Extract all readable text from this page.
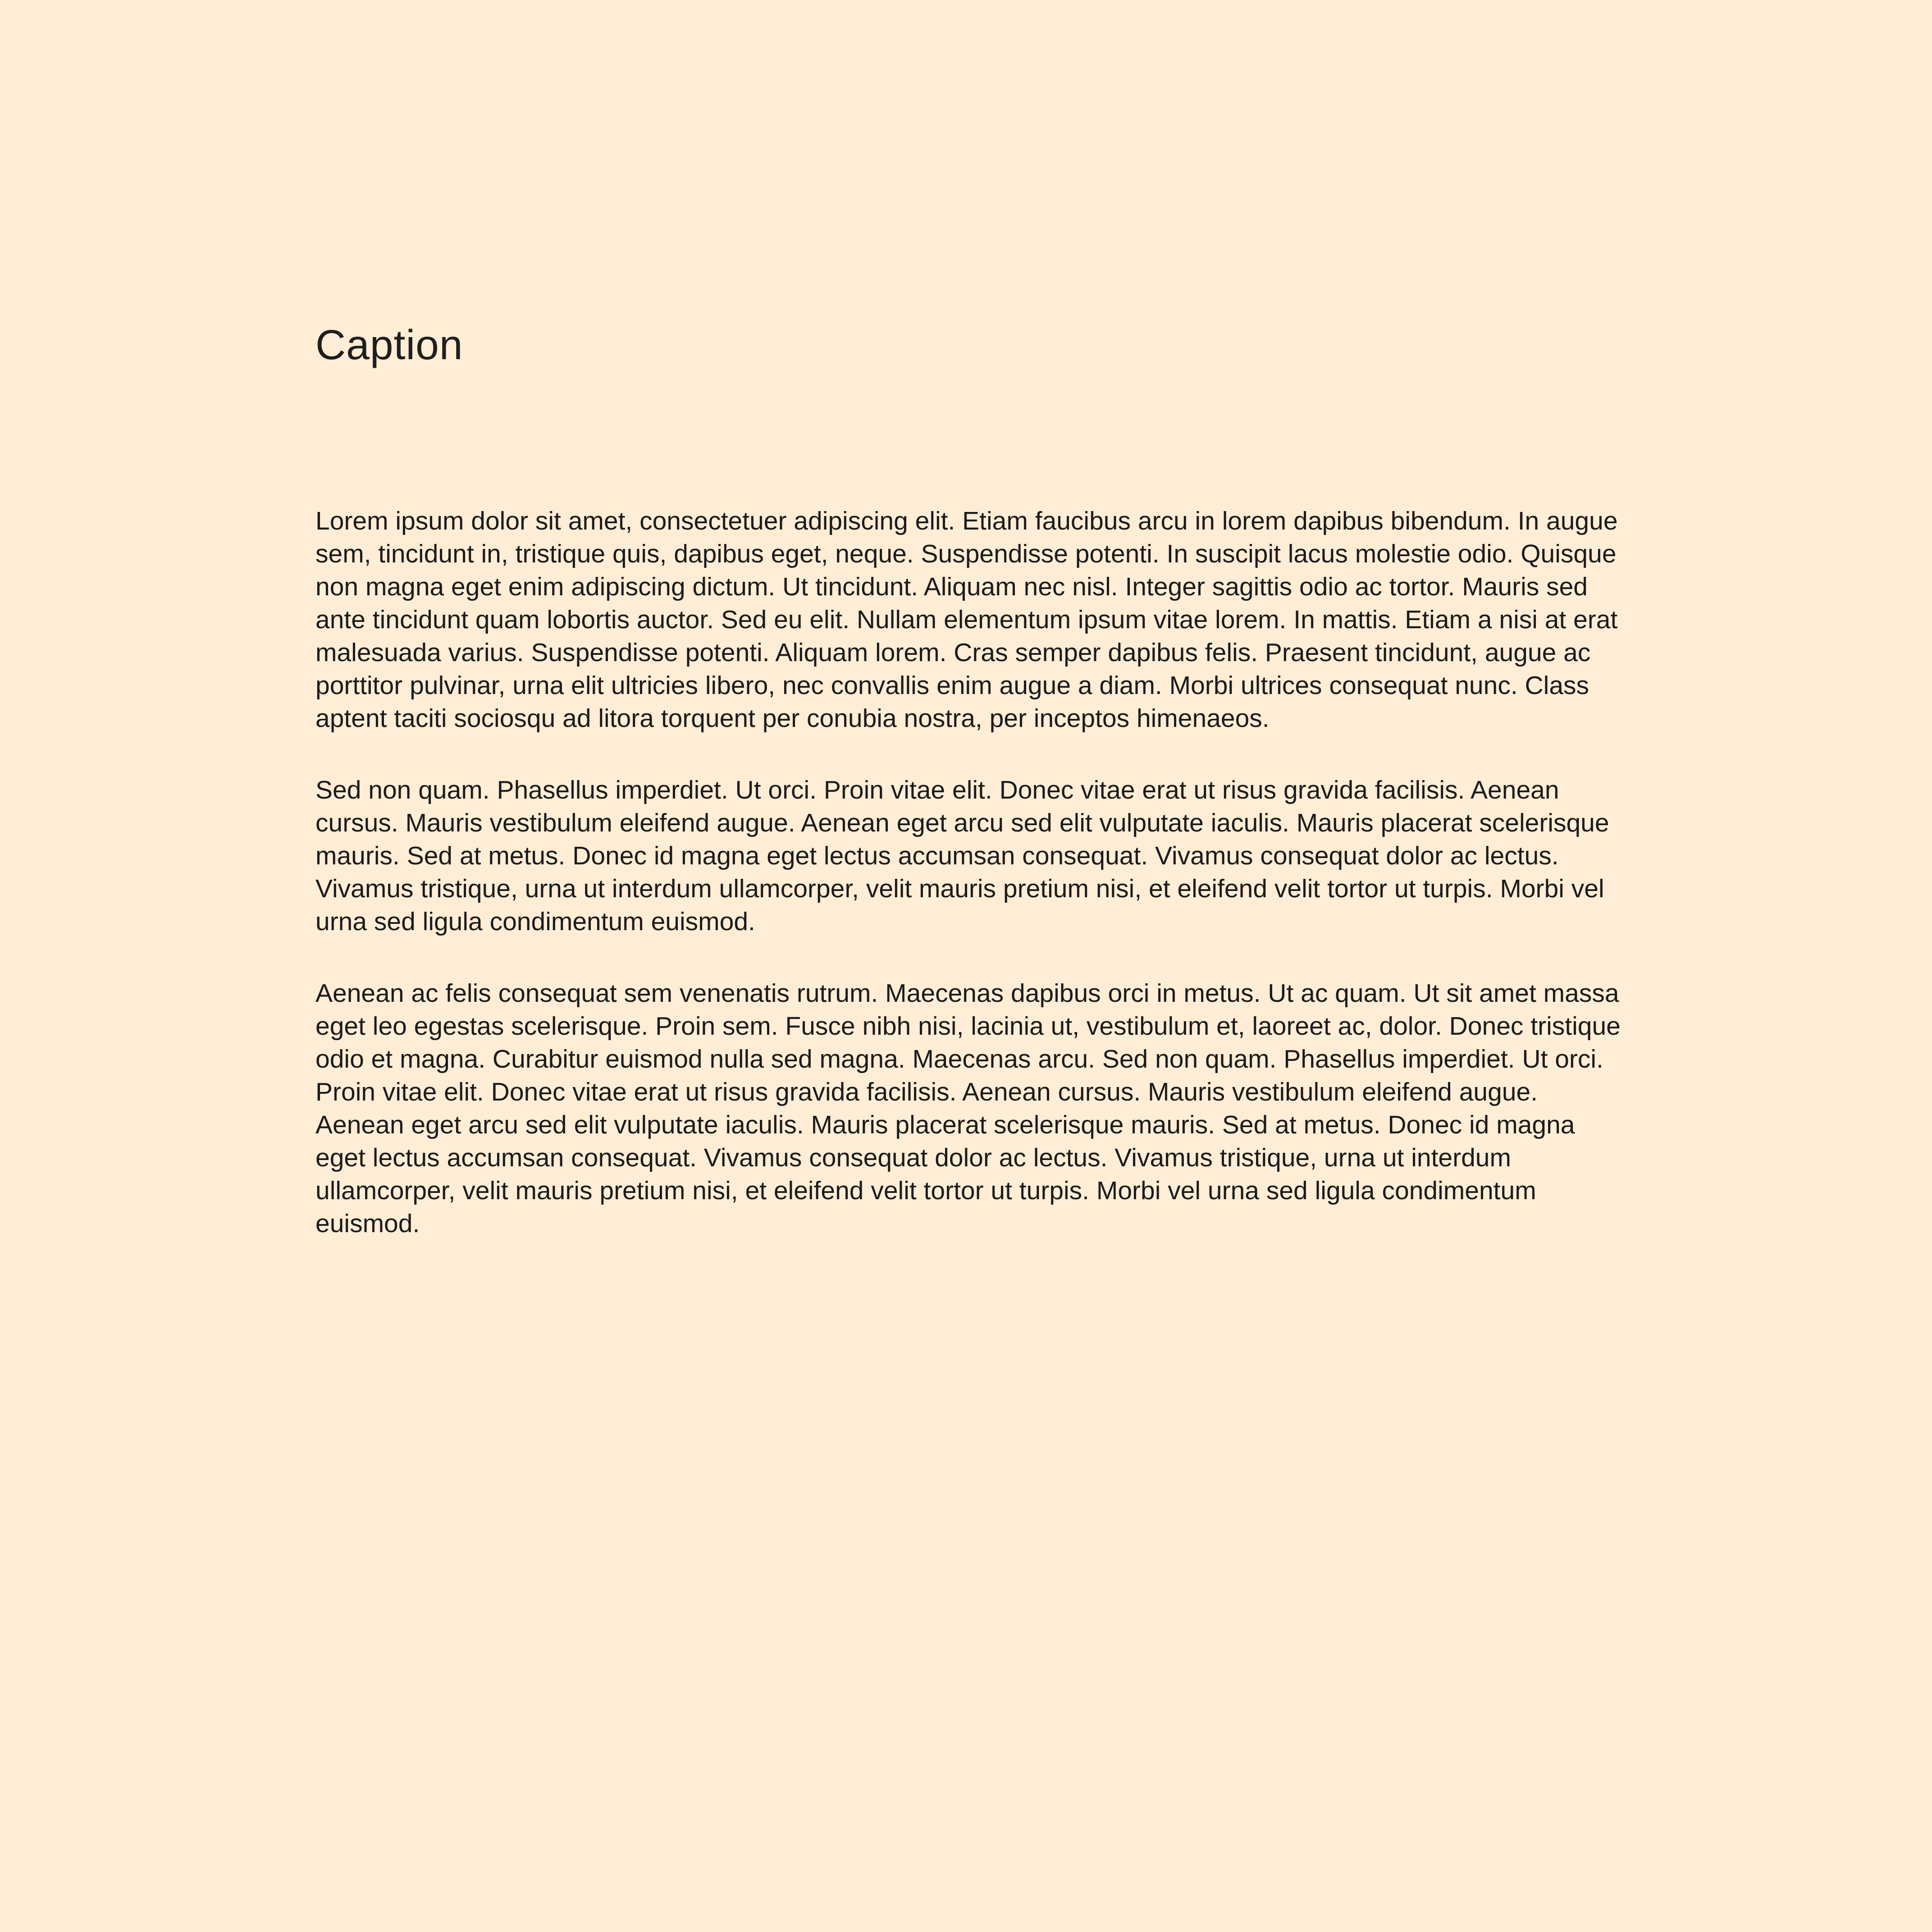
Caption

Lorem ipsum dolor sit amet, consectetuer adipiscing elit. Etiam faucibus arcu in lorem dapibus bibendum. In augue sem, tincidunt in, tristique quis, dapibus eget, neque. Suspendisse potenti. In suscipit lacus molestie odio. Quisque non magna eget enim adipiscing dictum. Ut tincidunt. Aliquam nec nisl. Integer sagittis odio ac tortor. Mauris sed ante tincidunt quam lobortis auctor. Sed eu elit. Nullam elementum ipsum vitae lorem. In mattis. Etiam a nisi at erat malesuada varius. Suspendisse potenti. Aliquam lorem. Cras semper dapibus felis. Praesent tincidunt, augue ac porttitor pulvinar, urna elit ultricies libero, nec convallis enim augue a diam. Morbi ultrices consequat nunc. Class aptent taciti sociosqu ad litora torquent per conubia nostra, per inceptos himenaeos.

Sed non quam. Phasellus imperdiet. Ut orci. Proin vitae elit. Donec vitae erat ut risus gravida facilisis. Aenean cursus. Mauris vestibulum eleifend augue. Aenean eget arcu sed elit vulputate iaculis. Mauris placerat scelerisque mauris. Sed at metus. Donec id magna eget lectus accumsan consequat. Vivamus consequat dolor ac lectus. Vivamus tristique, urna ut interdum ullamcorper, velit mauris pretium nisi, et eleifend velit tortor ut turpis. Morbi vel urna sed ligula condimentum euismod.

Aenean ac felis consequat sem venenatis rutrum. Maecenas dapibus orci in metus. Ut ac quam. Ut sit amet massa eget leo egestas scelerisque. Proin sem. Fusce nibh nisi, lacinia ut, vestibulum et, laoreet ac, dolor. Donec tristique odio et magna. Curabitur euismod nulla sed magna. Maecenas arcu. Sed non quam. Phasellus imperdiet. Ut orci. Proin vitae elit. Donec vitae erat ut risus gravida facilisis. Aenean cursus. Mauris vestibulum eleifend augue. Aenean eget arcu sed elit vulputate iaculis. Mauris placerat scelerisque mauris. Sed at metus. Donec id magna eget lectus accumsan consequat. Vivamus consequat dolor ac lectus. Vivamus tristique, urna ut interdum ullamcorper, velit mauris pretium nisi, et eleifend velit tortor ut turpis. Morbi vel urna sed ligula condimentum euismod.
